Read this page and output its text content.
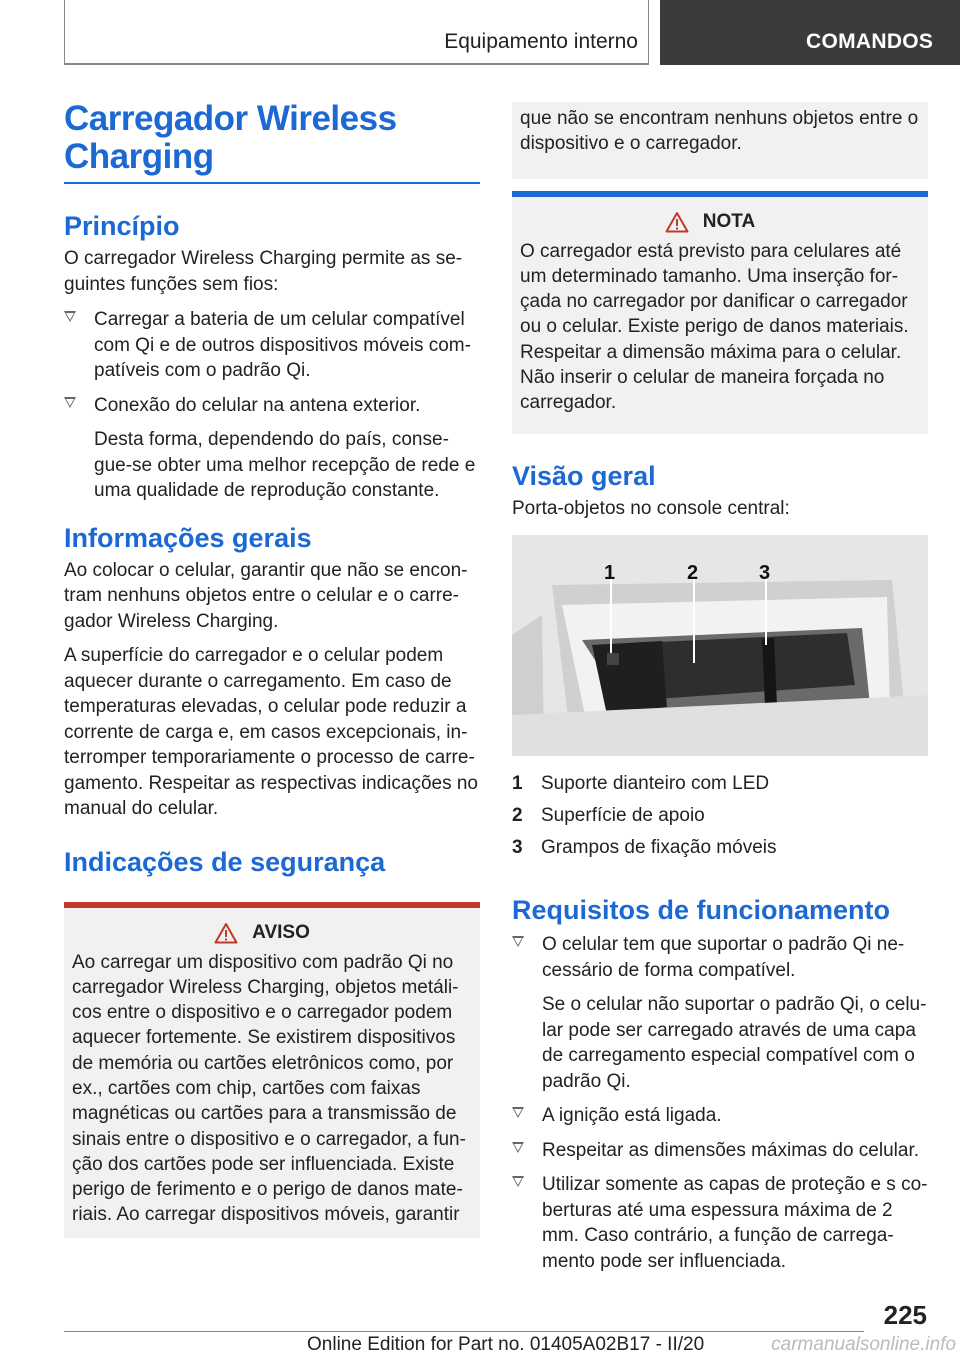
Equipamento interno	COMANDOS
Carregador Wireless Charging
Princípio

O carregador Wireless Charging permite as seguintes funções sem fios:

Carregar a bateria de um celular compatível com Qi e de outros dispositivos móveis compatíveis com o padrão Qi.
Conexão do celular na antena exterior.

Desta forma, dependendo do país, consegue-se obter uma melhor recepção de rede e uma qualidade de reprodução constante.

Informações gerais

Ao colocar o celular, garantir que não se encontram nenhuns objetos entre o celular e o carregador Wireless Charging.

A superfície do carregador e o celular podem aquecer durante o carregamento. Em caso de temperaturas elevadas, o celular pode reduzir a corrente de carga e, em casos excepcionais, interromper temporariamente o processo de carregamento. Respeitar as respectivas indicações no manual do celular.

Indicações de segurança
AVISO

Ao carregar um dispositivo com padrão Qi no carregador Wireless Charging, objetos metálicos entre o dispositivo e o carregador podem aquecer fortemente. Se existirem dispositivos de memória ou cartões eletrônicos como, por ex., cartões com chip, cartões com faixas magnéticas ou cartões para a transmissão de sinais entre o dispositivo e o carregador, a função dos cartões pode ser influenciada. Existe perigo de ferimento e o perigo de danos materiais. Ao carregar dispositivos móveis, garantir

que não se encontram nenhuns objetos entre o dispositivo e o carregador.

NOTA

O carregador está previsto para celulares até um determinado tamanho. Uma inserção forçada no carregador por danificar o carregador ou o celular. Existe perigo de danos materiais. Respeitar a dimensão máxima para o celular. Não inserir o celular de maneira forçada no carregador.

Visão geral

Porta-objetos no console central:

1	2	3
1 Suporte dianteiro com LED
2 Superfície de apoio
3 Grampos de fixação móveis
Requisitos de funcionamento
O celular tem que suportar o padrão Qi necessário de forma compatível.

Se o celular não suportar o padrão Qi, o celular pode ser carregado através de uma capa de carregamento especial compatível com o padrão Qi.

A ignição está ligada.
Respeitar as dimensões máximas do celular.
Utilizar somente as capas de proteção e s coberturas até uma espessura máxima de 2 mm. Caso contrário, a função de carregamento pode ser influenciada.
225
Online Edition for Part no. 01405A02B17 - II/20	carmanualsonline.info
